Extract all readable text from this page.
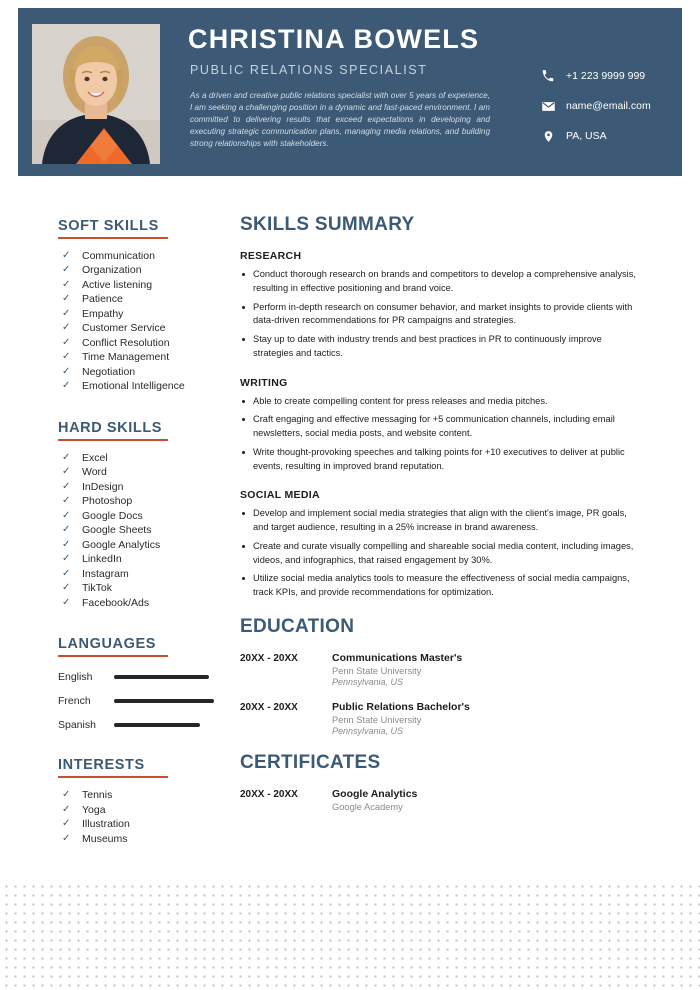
CHRISTINA BOWELS
PUBLIC RELATIONS SPECIALIST
As a driven and creative public relations specialist with over 5 years of experience, I am seeking a challenging position in a dynamic and fast-paced environment. I am committed to delivering results that exceed expectations in developing and executing strategic communication plans, managing media relations, and building strong relationships with stakeholders.
+1 223 9999 999
name@email.com
PA, USA
SOFT SKILLS
✓ Communication
✓ Organization
✓ Active listening
✓ Patience
✓ Empathy
✓ Customer Service
✓ Conflict Resolution
✓ Time Management
✓ Negotiation
✓ Emotional Intelligence
HARD SKILLS
✓ Excel
✓ Word
✓ InDesign
✓ Photoshop
✓ Google Docs
✓ Google Sheets
✓ Google Analytics
✓ LinkedIn
✓ Instagram
✓ TikTok
✓ Facebook/Ads
LANGUAGES
English
French
Spanish
INTERESTS
✓ Tennis
✓ Yoga
✓ Illustration
✓ Museums
SKILLS SUMMARY
RESEARCH
Conduct thorough research on brands and competitors to develop a comprehensive analysis, resulting in effective positioning and brand voice.
Perform in-depth research on consumer behavior, and market insights to provide clients with data-driven recommendations for PR campaigns and strategies.
Stay up to date with industry trends and best practices in PR to continuously improve strategies and tactics.
WRITING
Able to create compelling content for press releases and media pitches.
Craft engaging and effective messaging for +5 communication channels, including email newsletters, social media posts, and website content.
Write thought-provoking speeches and talking points for +10 executives to deliver at public events, resulting in improved brand reputation.
SOCIAL MEDIA
Develop and implement social media strategies that align with the client's image, PR goals, and target audience, resulting in a 25% increase in brand awareness.
Create and curate visually compelling and shareable social media content, including images, videos, and infographics, that raised engagement by 30%.
Utilize social media analytics tools to measure the effectiveness of social media campaigns, track KPIs, and provide recommendations for optimization.
EDUCATION
20XX - 20XX	Communications Master's
Penn State University
Pennsylvania, US
20XX - 20XX	Public Relations Bachelor's
Penn State University
Pennsylvania, US
CERTIFICATES
20XX - 20XX	Google Analytics
Google Academy
